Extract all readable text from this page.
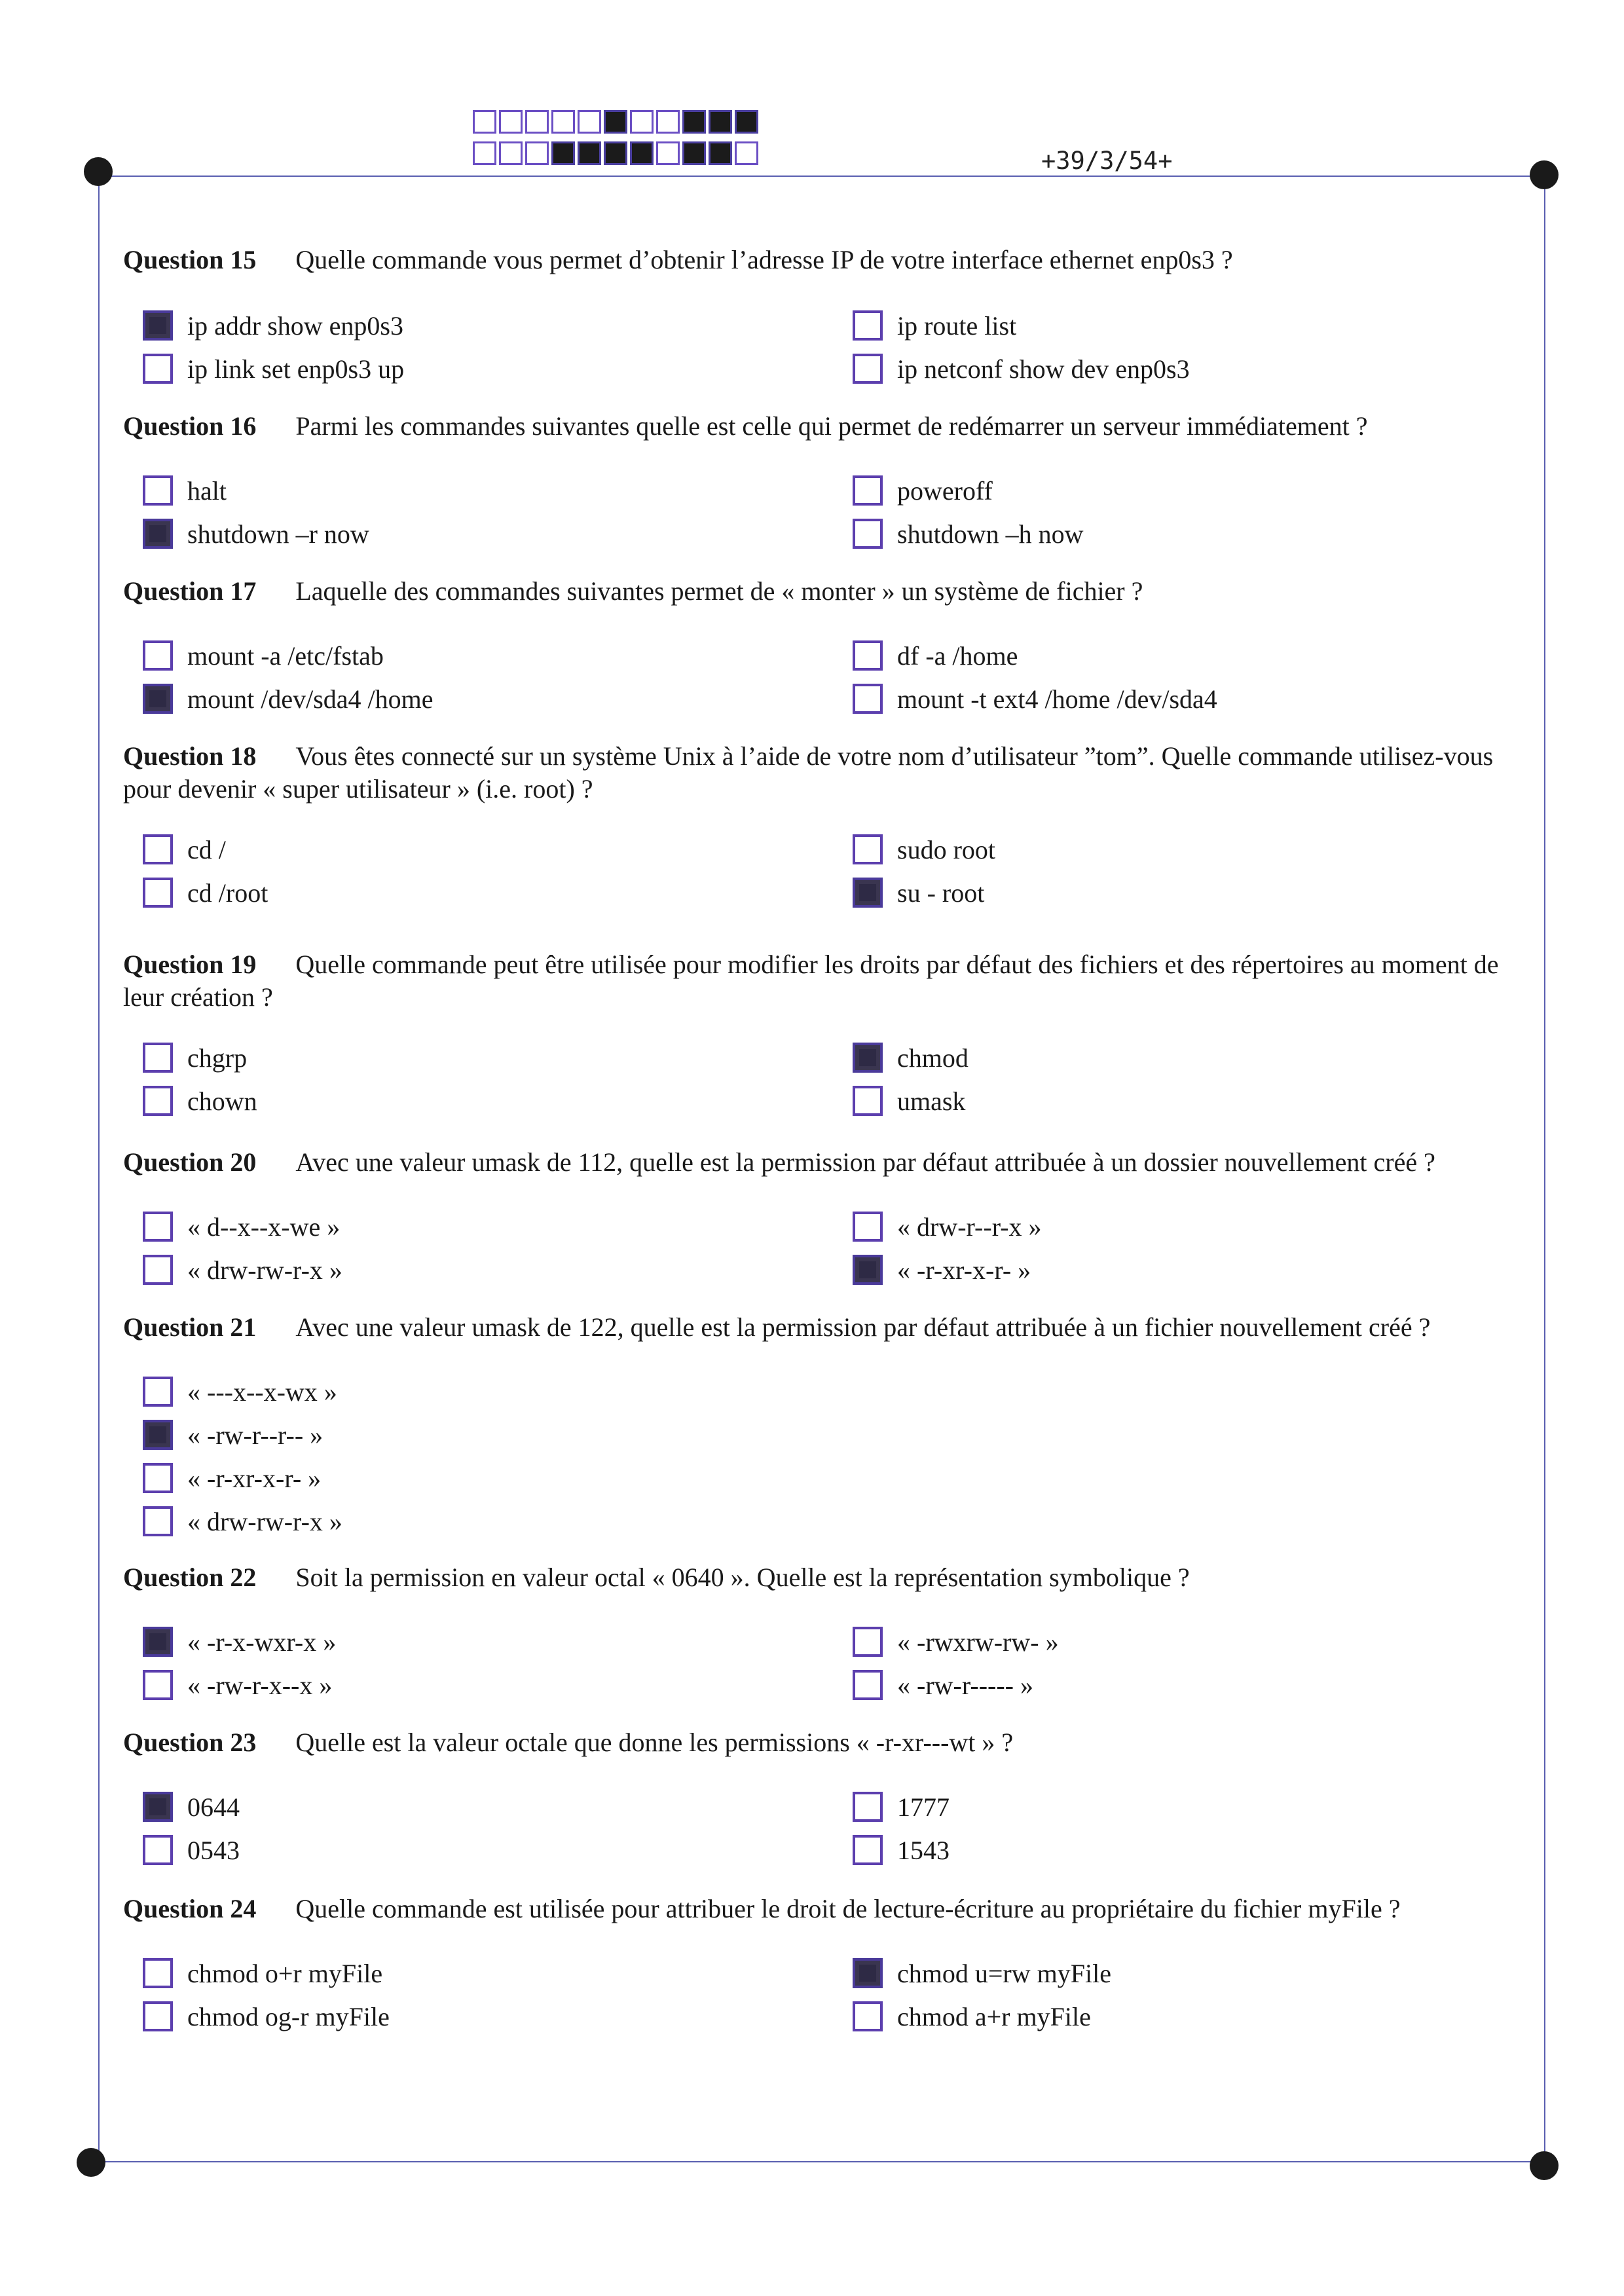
+39/3/54+
Question 15 Quelle commande vous permet d’obtenir l’adresse IP de votre interface ethernet enp0s3 ?
ip addr show enp0s3
ip link set enp0s3 up
ip route list
ip netconf show dev enp0s3
Question 16 Parmi les commandes suivantes quelle est celle qui permet de redémarrer un serveur immédiatement ?
halt
shutdown –r now
poweroff
shutdown –h now
Question 17 Laquelle des commandes suivantes permet de « monter » un système de fichier ?
mount -a /etc/fstab
mount /dev/sda4 /home
df -a /home
mount -t ext4 /home /dev/sda4
Question 18 Vous êtes connecté sur un système Unix à l’aide de votre nom d’utilisateur ”tom”. Quelle commande utilisez-vous pour devenir « super utilisateur » (i.e. root) ?
cd /
cd /root
sudo root
su - root
Question 19 Quelle commande peut être utilisée pour modifier les droits par défaut des fichiers et des répertoires au moment de leur création ?
chgrp
chown
chmod
umask
Question 20 Avec une valeur umask de 112, quelle est la permission par défaut attribuée à un dossier nouvellement créé ?
« d--x--x-we »
« drw-rw-r-x »
« drw-r--r-x »
« -r-xr-x-r- »
Question 21 Avec une valeur umask de 122, quelle est la permission par défaut attribuée à un fichier nouvellement créé ?
« ---x--x-wx »
« -rw-r--r-- »
« -r-xr-x-r- »
« drw-rw-r-x »
Question 22 Soit la permission en valeur octal « 0640 ». Quelle est la représentation symbolique ?
« -r-x-wxr-x »
« -rw-r-x--x »
« -rwxrw-rw- »
« -rw-r----- »
Question 23 Quelle est la valeur octale que donne les permissions « -r-xr---wt » ?
0644
0543
1777
1543
Question 24 Quelle commande est utilisée pour attribuer le droit de lecture-écriture au propriétaire du fichier myFile ?
chmod o+r myFile
chmod og-r myFile
chmod u=rw myFile
chmod a+r myFile
